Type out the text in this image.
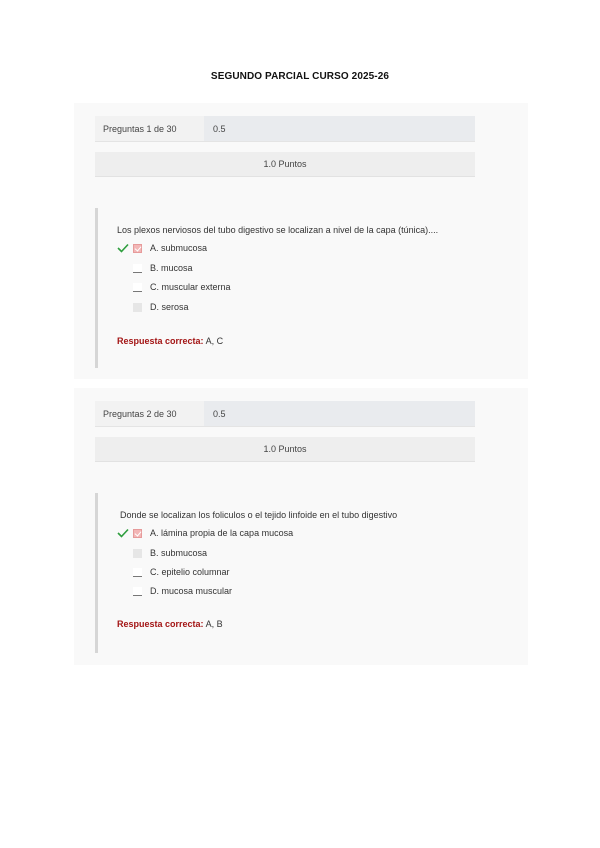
SEGUNDO PARCIAL CURSO 2025-26
Preguntas 1 de 30	0.5
1.0 Puntos
Los plexos nerviosos del tubo digestivo se localizan a nivel de la capa (túnica)....
A. submucosa
B. mucosa
C. muscular externa
D. serosa
Respuesta correcta: A, C
Preguntas 2 de 30	0.5
1.0 Puntos
Donde se localizan los foliculos o el tejido linfoide en el tubo digestivo
A. lámina propia de la capa mucosa
B. submucosa
C. epitelio columnar
D. mucosa muscular
Respuesta correcta: A, B
